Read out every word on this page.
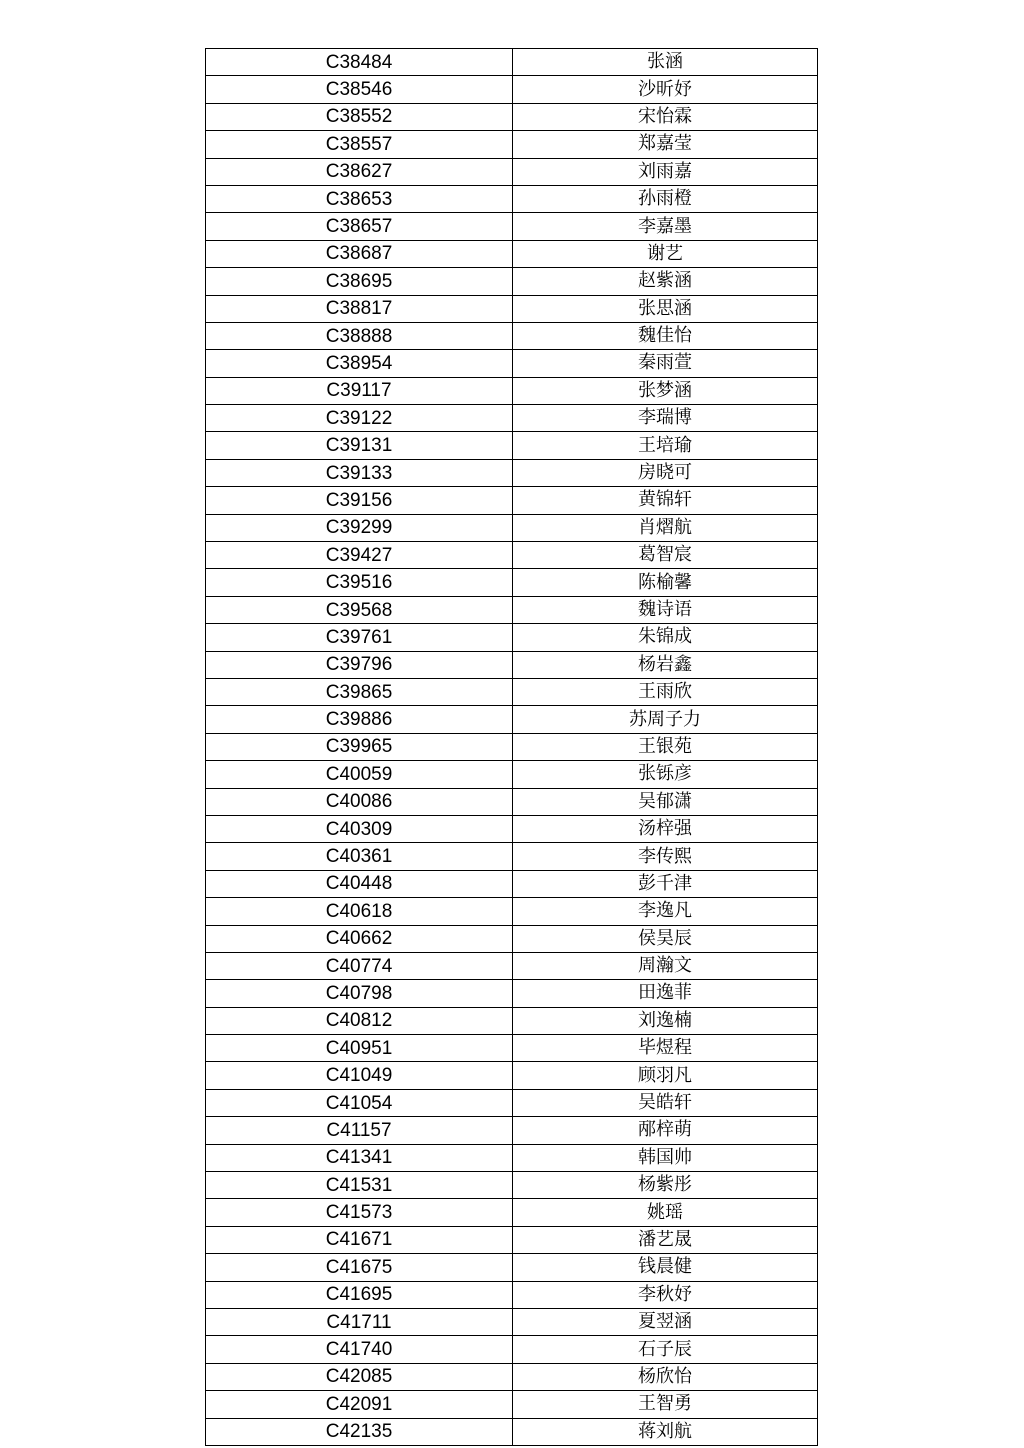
C38484	张涵
C38546	沙昕妤
C38552	宋怡霖
C38557	郑嘉莹
C38627	刘雨嘉
C38653	孙雨橙
C38657	李嘉墨
C38687	谢艺
C38695	赵紫涵
C38817	张思涵
C38888	魏佳怡
C38954	秦雨萱
C39117	张梦涵
C39122	李瑞博
C39131	王培瑜
C39133	房晓可
C39156	黄锦轩
C39299	肖熠航
C39427	葛智宸
C39516	陈榆馨
C39568	魏诗语
C39761	朱锦成
C39796	杨岩鑫
C39865	王雨欣
C39886	苏周子力
C39965	王银苑
C40059	张铄彦
C40086	吴郁潇
C40309	汤梓强
C40361	李传熙
C40448	彭千津
C40618	李逸凡
C40662	侯昊辰
C40774	周瀚文
C40798	田逸菲
C40812	刘逸楠
C40951	毕煜程
C41049	顾羽凡
C41054	吴皓轩
C41157	邴梓萌
C41341	韩国帅
C41531	杨紫彤
C41573	姚瑶
C41671	潘艺晟
C41675	钱晨健
C41695	李秋妤
C41711	夏翌涵
C41740	石子辰
C42085	杨欣怡
C42091	王智勇
C42135	蒋刘航
